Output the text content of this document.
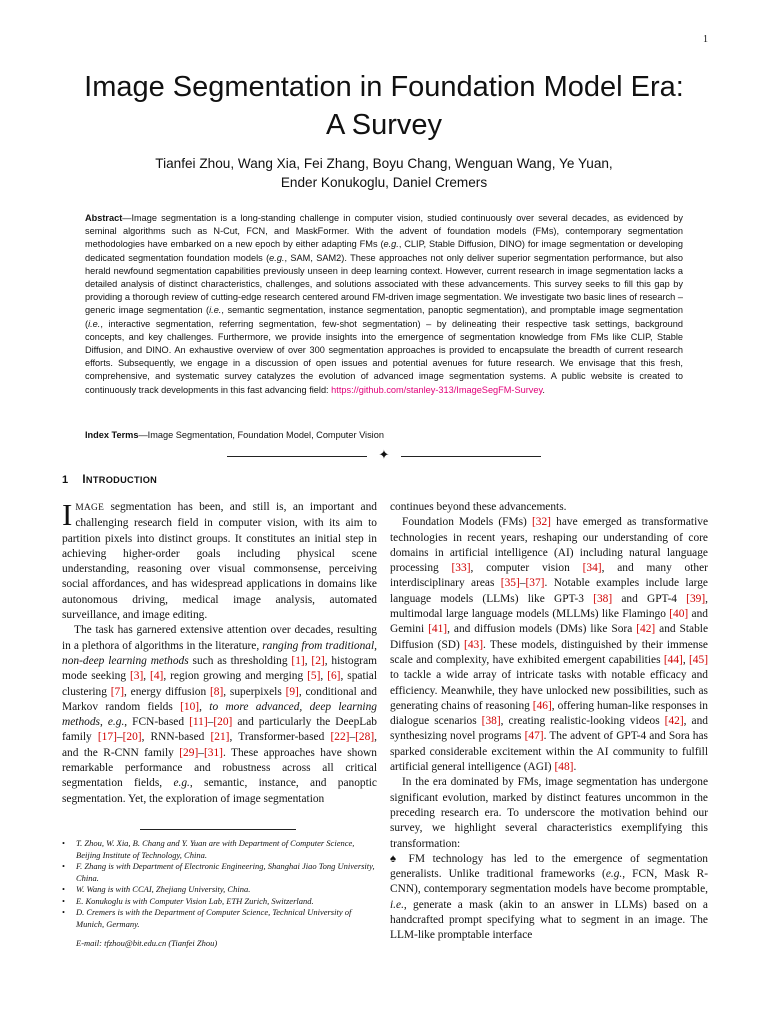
1
Image Segmentation in Foundation Model Era:
A Survey
Tianfei Zhou, Wang Xia, Fei Zhang, Boyu Chang, Wenguan Wang, Ye Yuan,
Ender Konukoglu, Daniel Cremers
Abstract—Image segmentation is a long-standing challenge in computer vision, studied continuously over several decades, as evidenced by seminal algorithms such as N-Cut, FCN, and MaskFormer. With the advent of foundation models (FMs), contemporary segmentation methodologies have embarked on a new epoch by either adapting FMs (e.g., CLIP, Stable Diffusion, DINO) for image segmentation or developing dedicated segmentation foundation models (e.g., SAM, SAM2). These approaches not only deliver superior segmentation performance, but also herald newfound segmentation capabilities previously unseen in deep learning context. However, current research in image segmentation lacks a detailed analysis of distinct characteristics, challenges, and solutions associated with these advancements. This survey seeks to fill this gap by providing a thorough review of cutting-edge research centered around FM-driven image segmentation. We investigate two basic lines of research – generic image segmentation (i.e., semantic segmentation, instance segmentation, panoptic segmentation), and promptable image segmentation (i.e., interactive segmentation, referring segmentation, few-shot segmentation) – by delineating their respective task settings, background concepts, and key challenges. Furthermore, we provide insights into the emergence of segmentation knowledge from FMs like CLIP, Stable Diffusion, and DINO. An exhaustive overview of over 300 segmentation approaches is provided to encapsulate the breadth of current research efforts. Subsequently, we engage in a discussion of open issues and potential avenues for future research. We envisage that this fresh, comprehensive, and systematic survey catalyzes the evolution of advanced image segmentation systems. A public website is created to continuously track developments in this fast advancing field: https://github.com/stanley-313/ImageSegFM-Survey.
Index Terms—Image Segmentation, Foundation Model, Computer Vision
✦
1 INTRODUCTION

IMAGE segmentation has been, and still is, an important and challenging research field in computer vision, with its aim to partition pixels into distinct groups. It constitutes an initial step in achieving higher-order goals including physical scene understanding, reasoning over visual commonsense, perceiving social affordances, and has widespread applications in domains like autonomous driving, medical image analysis, automated surveillance, and image editing.

The task has garnered extensive attention over decades, resulting in a plethora of algorithms in the literature, ranging from traditional, non-deep learning methods such as thresholding [1], [2], histogram mode seeking [3], [4], region growing and merging [5], [6], spatial clustering [7], energy diffusion [8], superpixels [9], conditional and Markov random fields [10], to more advanced, deep learning methods, e.g., FCN-based [11]–[20] and particularly the DeepLab family [17]–[20], RNN-based [21], Transformer-based [22]–[28], and the R-CNN family [29]–[31]. These approaches have shown remarkable performance and robustness across all critical segmentation fields, e.g., semantic, instance, and panoptic segmentation. Yet, the exploration of image segmentation

• T. Zhou, W. Xia, B. Chang and Y. Yuan are with Department of Computer Science, Beijing Institute of Technology, China.
• F. Zhang is with Department of Electronic Engineering, Shanghai Jiao Tong University, China.
• W. Wang is with CCAI, Zhejiang University, China.
• E. Konukoglu is with Computer Vision Lab, ETH Zurich, Switzerland.
• D. Cremers is with the Department of Computer Science, Technical University of Munich, Germany.
E-mail: tfzhou@bit.edu.cn (Tianfei Zhou)

continues beyond these advancements.

Foundation Models (FMs) [32] have emerged as transformative technologies in recent years, reshaping our understanding of core domains in artificial intelligence (AI) including natural language processing [33], computer vision [34], and many other interdisciplinary areas [35]–[37]. Notable examples include large language models (LLMs) like GPT-3 [38] and GPT-4 [39], multimodal large language models (MLLMs) like Flamingo [40] and Gemini [41], and diffusion models (DMs) like Sora [42] and Stable Diffusion (SD) [43]. These models, distinguished by their immense scale and complexity, have exhibited emergent capabilities [44], [45] to tackle a wide array of intricate tasks with notable efficacy and efficiency. Meanwhile, they have unlocked new possibilities, such as generating chains of reasoning [46], offering human-like responses in dialogue scenarios [38], creating realistic-looking videos [42], and synthesizing novel programs [47]. The advent of GPT-4 and Sora has sparked considerable excitement within the AI community to fulfill artificial general intelligence (AGI) [48].

In the era dominated by FMs, image segmentation has undergone significant evolution, marked by distinct features uncommon in the preceding research era. To underscore the motivation behind our survey, we highlight several characteristics exemplifying this transformation:

♠ FM technology has led to the emergence of segmentation generalists. Unlike traditional frameworks (e.g., FCN, Mask R-CNN), contemporary segmentation models have become promptable, i.e., generate a mask (akin to an answer in LLMs) based on a handcrafted prompt specifying what to segment in an image. The LLM-like promptable interface
